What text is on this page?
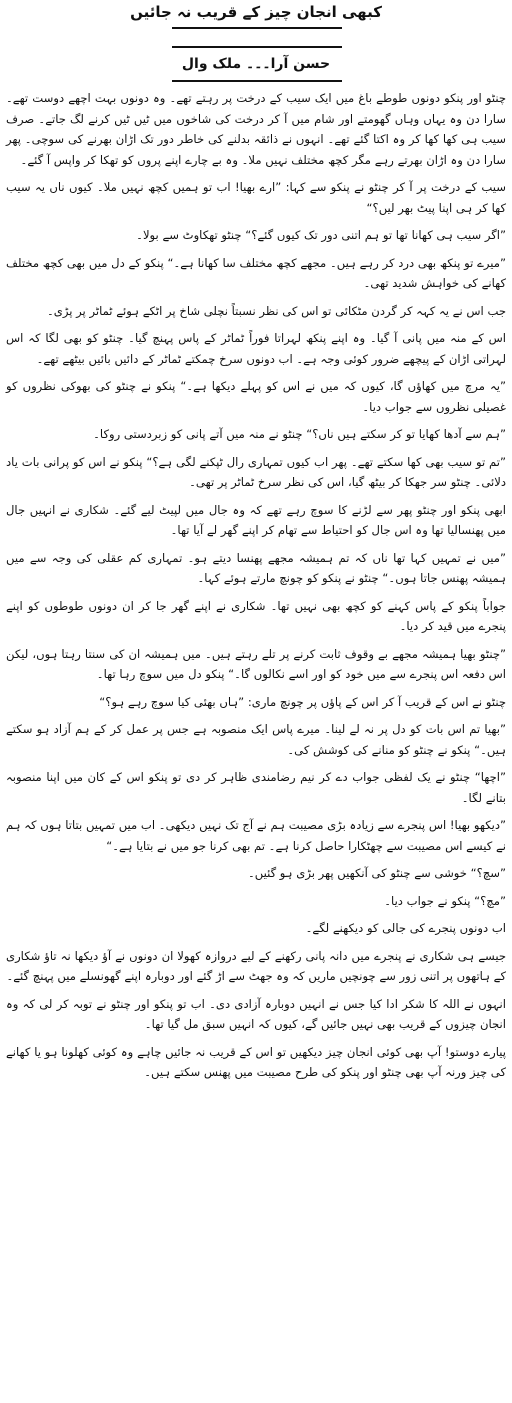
کبھی انجان چیز کے قریب نہ جائیں
حسن آرا۔۔۔ ملک وال

چنٹو اور پنکو دونوں طوطے باغ میں ایک سیب کے درخت پر رہتے تھے۔ وہ دونوں بہت اچھے دوست تھے۔ سارا دن وہ یہاں وہاں گھومتے اور شام میں آ کر درخت کی شاخوں میں ٹیں ٹیں کرنے لگ جاتے۔ صرف سیب ہی کھا کھا کر وہ اکتا گئے تھے۔ انہوں نے ذائقہ بدلنے کی خاطر دور تک اڑان بھرنے کی سوچی۔ پھر سارا دن وہ اڑان بھرتے رہے مگر کچھ مختلف نہیں ملا۔ وہ بے چارے اپنے پروں کو تھکا کر واپس آ گئے۔

سیب کے درخت پر آ کر چنٹو نے پنکو سے کہا: ”ارے بھیا! اب تو ہمیں کچھ نہیں ملا۔ کیوں ناں یہ سیب کھا کر ہی اپنا پیٹ بھر لیں؟“

”اگر سیب ہی کھانا تھا تو ہم اتنی دور تک کیوں گئے؟“ چنٹو تھکاوٹ سے بولا۔

”میرے تو پنکھ بھی درد کر رہے ہیں۔ مجھے کچھ مختلف سا کھانا ہے۔“ پنکو کے دل میں بھی کچھ مختلف کھانے کی خواہش شدید تھی۔

جب اس نے یہ کہہ کر گردن مٹکائی تو اس کی نظر نسبتاً نچلی شاخ پر اٹکے ہوئے ٹماٹر پر پڑی۔

اس کے منہ میں پانی آ گیا۔ وہ اپنے پنکھ لہراتا فوراً ٹماٹر کے پاس پہنچ گیا۔ چنٹو کو بھی لگا کہ اس لہراتی اڑان کے پیچھے ضرور کوئی وجہ ہے۔ اب دونوں سرخ چمکتے ٹماٹر کے دائیں بائیں بیٹھے تھے۔

”یہ مرچ میں کھاؤں گا، کیوں کہ میں نے اس کو پہلے دیکھا ہے۔“ پنکو نے چنٹو کی بھوکی نظروں کو غصیلی نظروں سے جواب دیا۔

”ہم سے آدھا کھایا تو کر سکتے ہیں ناں؟“ چنٹو نے منہ میں آتے پانی کو زبردستی روکا۔

”تم تو سیب بھی کھا سکتے تھے۔ پھر اب کیوں تمہاری رال ٹپکنے لگی ہے؟“ پنکو نے اس کو پرانی بات یاد دلائی۔ چنٹو سر جھکا کر بیٹھ گیا، اس کی نظر سرخ ٹماٹر پر تھی۔

ابھی پنکو اور چنٹو پھر سے لڑنے کا سوچ رہے تھے کہ وہ جال میں لپیٹ لیے گئے۔ شکاری نے انہیں جال میں پھنسالیا تھا وہ اس جال کو احتیاط سے تھام کر اپنے گھر لے آیا تھا۔

”میں نے تمہیں کہا تھا ناں کہ تم ہمیشہ مجھے پھنسا دیتے ہو۔ تمہاری کم عقلی کی وجہ سے میں ہمیشہ پھنس جاتا ہوں۔“ چنٹو نے پنکو کو چونچ مارتے ہوئے کہا۔

جواباً پنکو کے پاس کہنے کو کچھ بھی نہیں تھا۔ شکاری نے اپنے گھر جا کر ان دونوں طوطوں کو اپنے پنجرے میں قید کر دیا۔

”چنٹو بھیا ہمیشہ مجھے بے وقوف ثابت کرنے پر تلے رہتے ہیں۔ میں ہمیشہ ان کی سنتا رہتا ہوں، لیکن اس دفعہ اس پنجرے سے میں خود کو اور اسے نکالوں گا۔“ پنکو دل میں سوچ رہا تھا۔

چنٹو نے اس کے قریب آ کر اس کے پاؤں پر چونچ ماری: ”ہاں بھئی کیا سوچ رہے ہو؟“

”بھیا تم اس بات کو دل پر نہ لے لینا۔ میرے پاس ایک منصوبہ ہے جس پر عمل کر کے ہم آزاد ہو سکتے ہیں۔“ پنکو نے چنٹو کو منانے کی کوشش کی۔

”اچھا“ چنٹو نے یک لفظی جواب دے کر نیم رضامندی ظاہر کر دی تو پنکو اس کے کان میں اپنا منصوبہ بتانے لگا۔

”دیکھو بھیا! اس پنجرے سے زیادہ بڑی مصیبت ہم نے آج تک نہیں دیکھی۔ اب میں تمہیں بتاتا ہوں کہ ہم نے کیسے اس مصیبت سے چھٹکارا حاصل کرنا ہے۔ تم بھی کرنا جو میں نے بتایا ہے۔“

”سچ؟“ خوشی سے چنٹو کی آنکھیں پھر بڑی ہو گئیں۔

”مچ؟“ پنکو نے جواب دیا۔

اب دونوں پنجرے کی جالی کو دیکھنے لگے۔

جیسے ہی شکاری نے پنجرے میں دانہ پانی رکھنے کے لیے دروازہ کھولا ان دونوں نے آؤ دیکھا نہ تاؤ شکاری کے ہاتھوں پر اتنی زور سے چونچیں ماریں کہ وہ جھٹ سے اڑ گئے اور دوبارہ اپنے گھونسلے میں پہنچ گئے۔

انہوں نے اللہ کا شکر ادا کیا جس نے انہیں دوبارہ آزادی دی۔ اب تو پنکو اور چنٹو نے توبہ کر لی کہ وہ انجان چیزوں کے قریب بھی نہیں جائیں گے، کیوں کہ انہیں سبق مل گیا تھا۔

پیارے دوستو! آپ بھی کوئی انجان چیز دیکھیں تو اس کے قریب نہ جائیں چاہے وہ کوئی کھلونا ہو یا کھانے کی چیز ورنہ آپ بھی چنٹو اور پنکو کی طرح مصیبت میں پھنس سکتے ہیں۔
